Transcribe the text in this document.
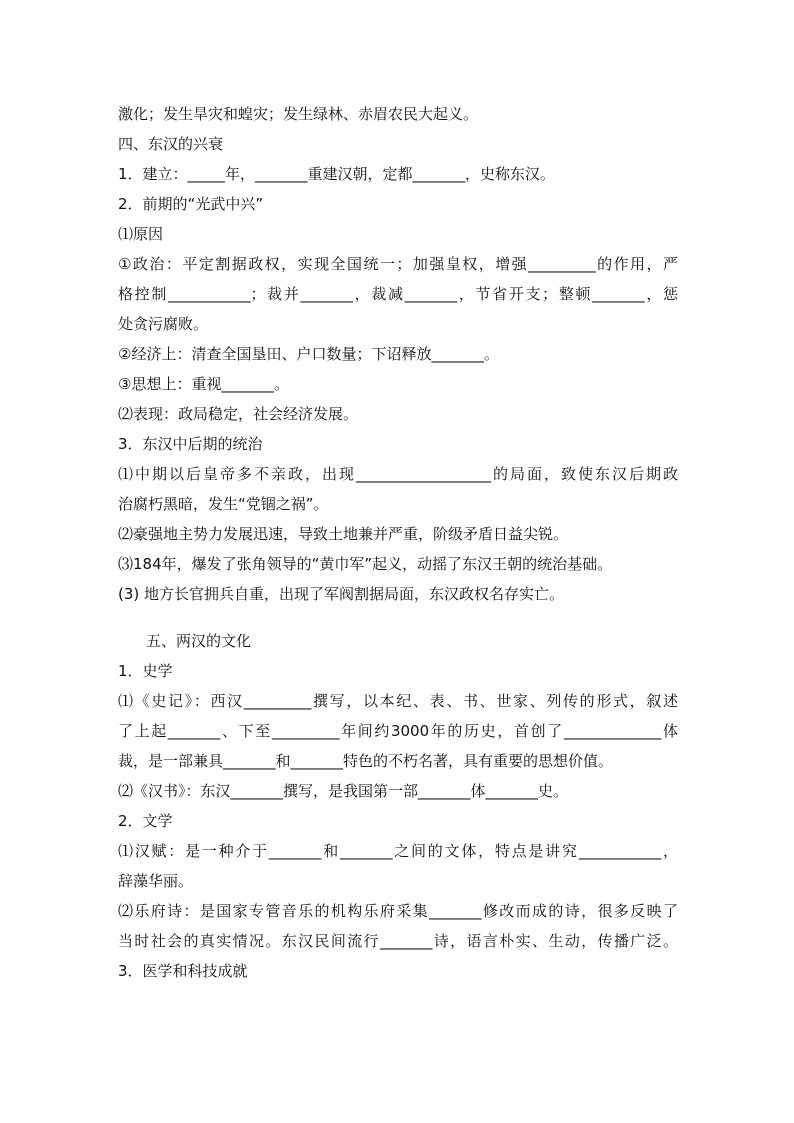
激化；发生旱灾和蝗灾；发生绿林、赤眉农民大起义。
四、东汉的兴衰
1．建立：_____年，_______重建汉朝，定都_______，史称东汉。
2．前期的“光武中兴”
⑴原因
①政治：平定割据政权，实现全国统一；加强皇权，增强_________的作用，严
格控制___________；裁并_______，裁减_______，节省开支；整顿_______，惩
处贪污腐败。
②经济上：清查全国垦田、户口数量；下诏释放_______。
③思想上：重视_______。
⑵表现：政局稳定，社会经济发展。
3．东汉中后期的统治
⑴中期以后皇帝多不亲政，出现__________________的局面，致使东汉后期政
治腐朽黑暗，发生“党锢之祸”。
⑵豪强地主势力发展迅速，导致土地兼并严重，阶级矛盾日益尖锐。
⑶184年，爆发了张角领导的“黄巾军”起义，动摇了东汉王朝的统治基础。
(3) 地方长官拥兵自重，出现了军阀割据局面，东汉政权名存实亡。
五、两汉的文化
1．史学
⑴《史记》：西汉_________撰写，以本纪、表、书、世家、列传的形式，叙述
了上起_______、下至_________年间约3000年的历史，首创了_____________体
裁，是一部兼具_______和_______特色的不朽名著，具有重要的思想价值。
⑵《汉书》：东汉_______撰写，是我国第一部_______体_______史。
2．文学
⑴汉赋：是一种介于_______和_______之间的文体，特点是讲究___________，
辞藻华丽。
⑵乐府诗：是国家专管音乐的机构乐府采集_______修改而成的诗，很多反映了
当时社会的真实情况。东汉民间流行_______诗，语言朴实、生动，传播广泛。
3．医学和科技成就
